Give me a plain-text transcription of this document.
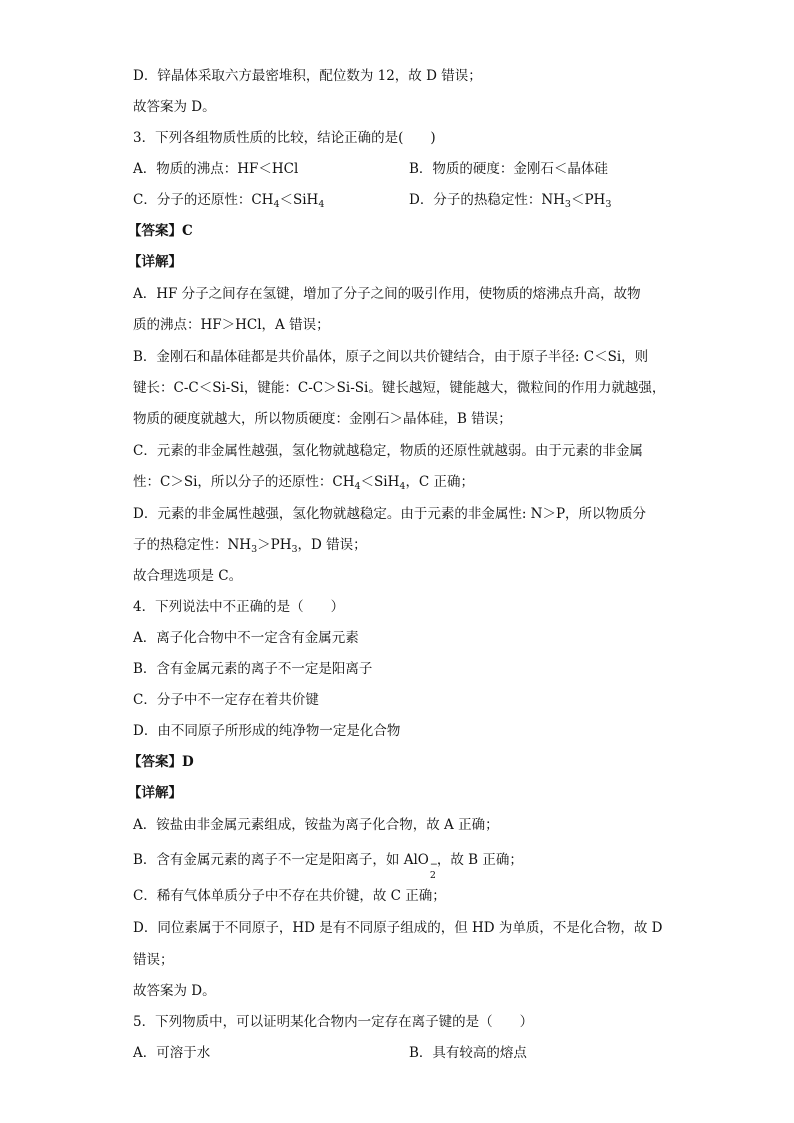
D．锌晶体采取六方最密堆积，配位数为 12，故 D 错误；
故答案为 D。
3．下列各组物质性质的比较，结论正确的是(　　)
A．物质的沸点：HF＜HCl	B．物质的硬度：金刚石＜晶体硅
C．分子的还原性：$CH_4<SiH_4$	D．分子的热稳定性：$NH_3<PH_3$
【答案】C
【详解】
A．HF 分子之间存在氢键，增加了分子之间的吸引作用，使物质的熔沸点升高，故物
质的沸点：HF＞HCl，A 错误；
B．金刚石和晶体硅都是共价晶体，原子之间以共价键结合，由于原子半径: C＜Si，则
键长：C-C＜Si-Si，键能：C-C＞Si-Si。键长越短，键能越大，微粒间的作用力就越强，
物质的硬度就越大，所以物质硬度：金刚石＞晶体硅，B 错误；
C．元素的非金属性越强，氢化物就越稳定，物质的还原性就越弱。由于元素的非金属
性：C＞Si，所以分子的还原性：$CH_4<SiH_4$，C 正确；
D．元素的非金属性越强，氢化物就越稳定。由于元素的非金属性: N＞P，所以物质分
子的热稳定性：$NH_3>PH_3$，D 错误；
故合理选项是 C。
4．下列说法中不正确的是（　　）
A．离子化合物中不一定含有金属元素
B．含有金属元素的离子不一定是阳离子
C．分子中不一定存在着共价键
D．由不同原子所形成的纯净物一定是化合物
【答案】D
【详解】
A．铵盐由非金属元素组成，铵盐为离子化合物，故 A 正确；
B．含有金属元素的离子不一定是阳离子，如 AlO −
2
，故 B 正确；
C．稀有气体单质分子中不存在共价键，故 C 正确；
D．同位素属于不同原子，HD 是有不同原子组成的，但 HD 为单质，不是化合物，故 D
错误；
故答案为 D。
5．下列物质中，可以证明某化合物内一定存在离子键的是（　　）
A．可溶于水	B．具有较高的熔点
